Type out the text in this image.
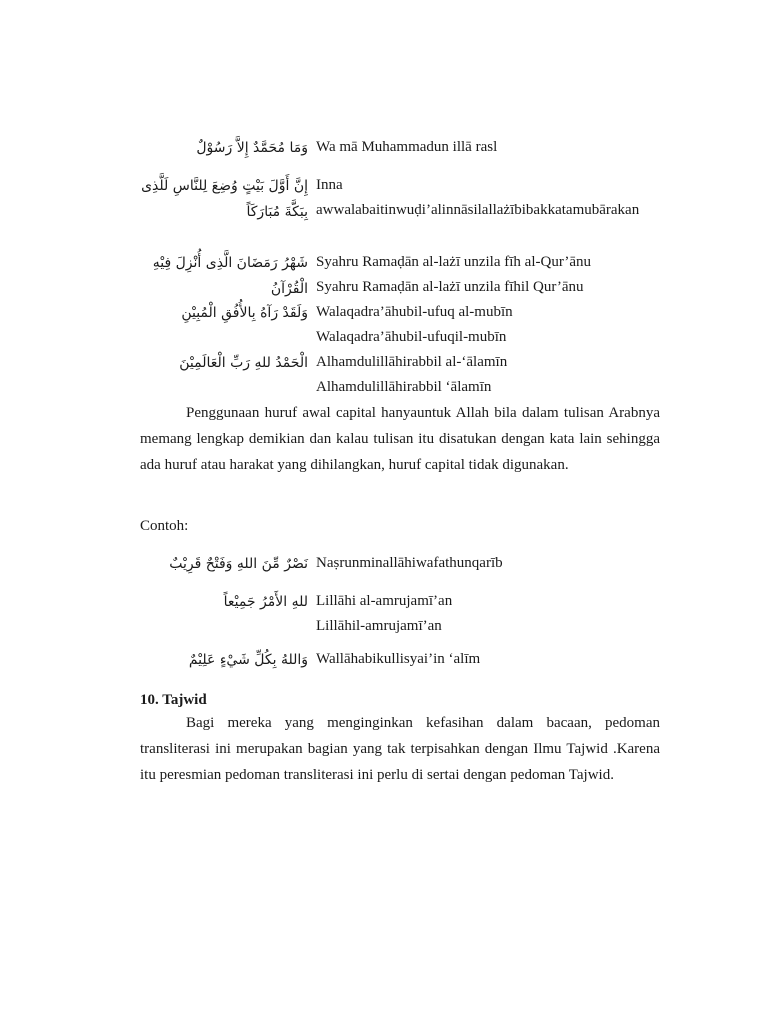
وَمَا مُحَمَّدٌ إِلاَّ رَسُوْلٌ Wa mā Muhammadun illā rasl
إِنَّ أَوَّلَ بَيْتٍ وُضِعَ لِلنَّاسِ لَلَّذِى بِبَكَّةَ مُبَارَكَاً
Inna
awwalabaitinwuḍi’alinnāsilallażībibakkatamubārakan
شَهْرُ رَمَضَانَ الَّذِى أُنْزِلَ فِيْهِ الْقُرْآنُ
Syahru Ramaḍān al-lażī unzila fīh al-Qur’ānu
Syahru Ramaḍān al-lażī unzila fīhil Qur’ānu
وَلَقَدْ رَآهُ بِالأُفُقِ الْمُبِيْنِ Walaqadra’āhubil-ufuq al-mubīn
Walaqadra’āhubil-ufuqil-mubīn
الْحَمْدُ للهِ رَبِّ الْعَالَمِيْنَ Alhamdulillāhirabbil al-‘ālamīn
Alhamdulillāhirabbil ‘ālamīn
Penggunaan huruf awal capital hanyauntuk Allah bila dalam tulisan Arabnya memang lengkap demikian dan kalau tulisan itu disatukan dengan kata lain sehingga ada huruf atau harakat yang dihilangkan, huruf capital tidak digunakan.
Contoh:
نَصْرٌ مِّنَ اللهِ وَفَتْحٌ قَرِيْبٌ Naṣrunminallāhiwafathunqarīb
للهِ الأَمْرُ جَمِيْعاً Lillāhi al-amrujamī’an
Lillāhil-amrujamī’an
وَاللهُ بِكُلِّ شَيْءٍ عَلِيْمٌ Wallāhabikullisyai’in ‘alīm
10. Tajwid
Bagi mereka yang menginginkan kefasihan dalam bacaan, pedoman transliterasi ini merupakan bagian yang tak terpisahkan dengan Ilmu Tajwid .Karena itu peresmian pedoman transliterasi ini perlu di sertai dengan pedoman Tajwid.
